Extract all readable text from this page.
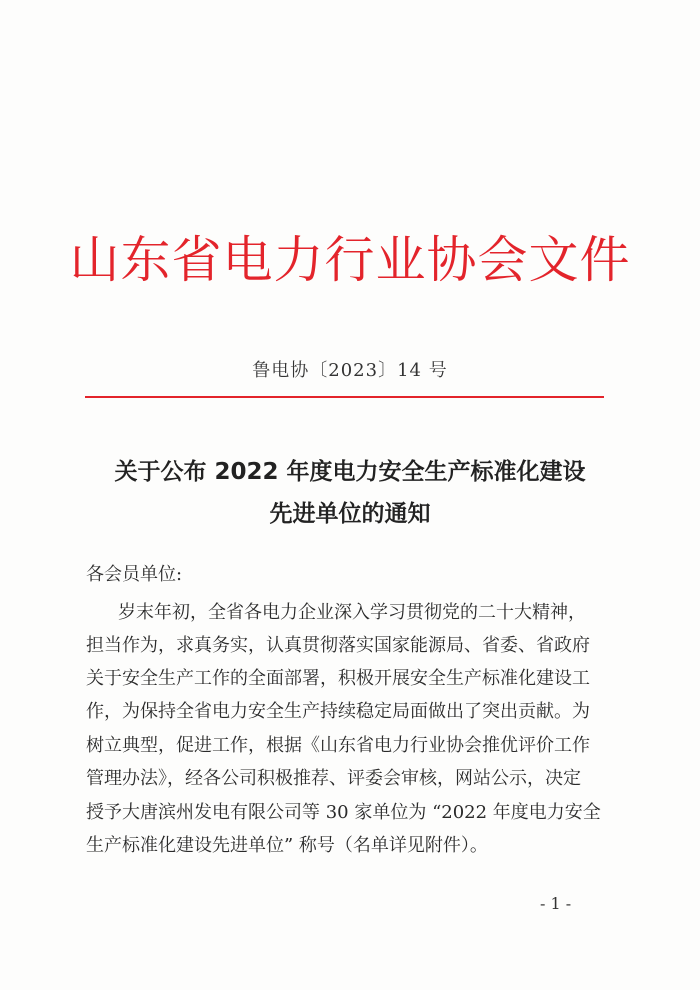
山东省电力行业协会文件
鲁电协〔2023〕14 号
关于公布 2022 年度电力安全生产标准化建设
先进单位的通知
各会员单位:
岁末年初，全省各电力企业深入学习贯彻党的二十大精神，
担当作为，求真务实，认真贯彻落实国家能源局、省委、省政府
关于安全生产工作的全面部署，积极开展安全生产标准化建设工
作，为保持全省电力安全生产持续稳定局面做出了突出贡献。为
树立典型，促进工作，根据《山东省电力行业协会推优评价工作
管理办法》，经各公司积极推荐、评委会审核，网站公示，决定
授予大唐滨州发电有限公司等 30 家单位为 “2022 年度电力安全
生产标准化建设先进单位” 称号（名单详见附件）。
- 1 -
